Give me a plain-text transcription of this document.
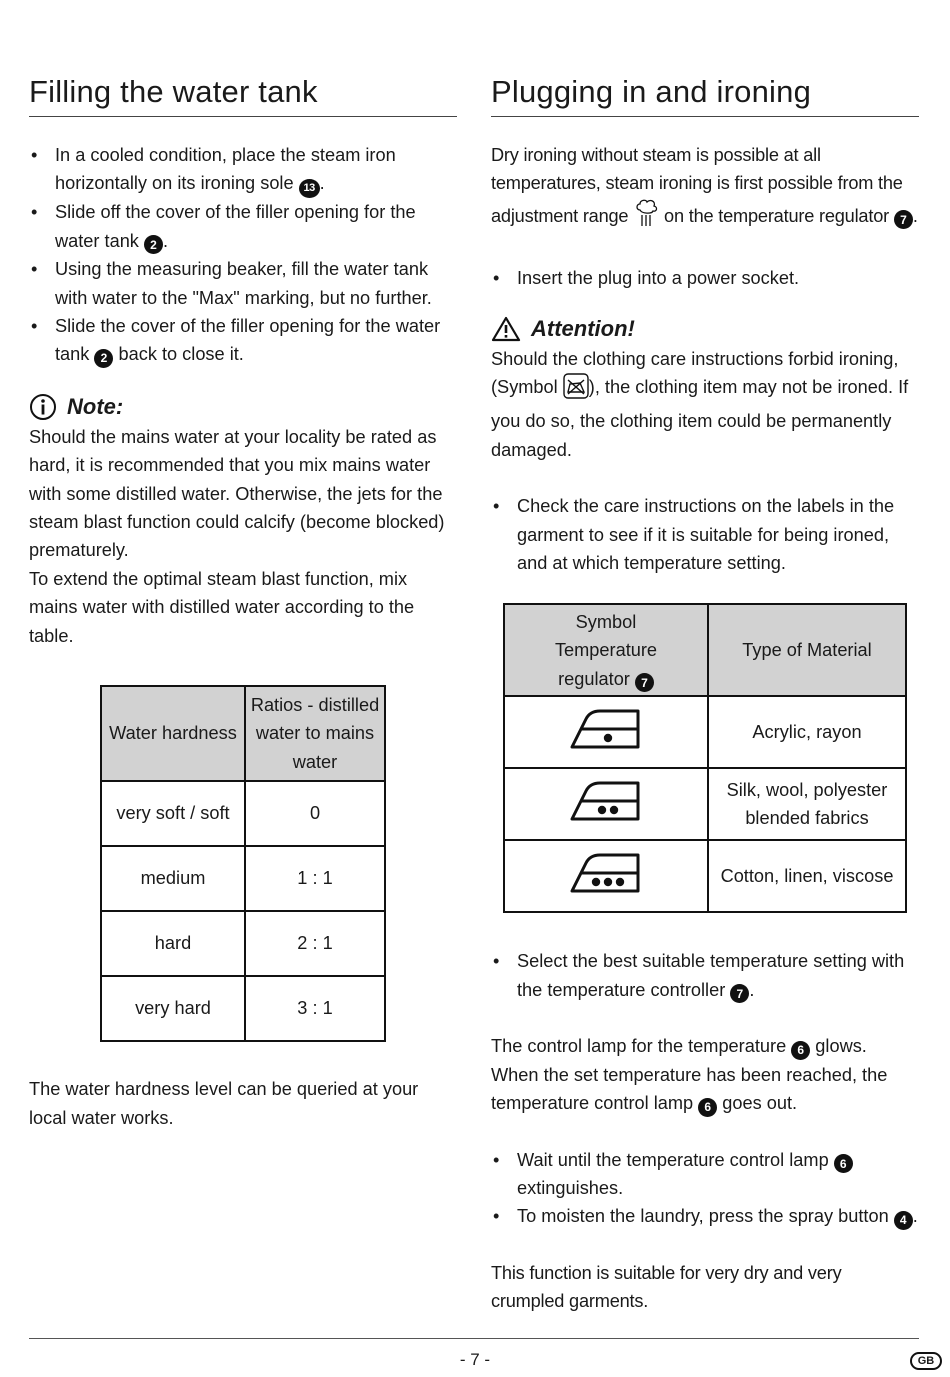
Filling the water tank
• In a cooled condition, place the steam iron horizontally on its ironing sole 13 .
• Slide off the cover of the filler opening for the water tank 2 .
• Using the measuring beaker, fill the water tank with water to the "Max" marking, but no further.
• Slide the cover of the filler opening for the water tank 2 back to close it.
Note:
Should the mains water at your locality be rated as hard, it is recommended that you mix mains water with some distilled water. Otherwise, the jets for the steam blast function could calcify (become blocked) prematurely.
To extend the optimal steam blast function, mix mains water with distilled water according to the table.
Water hardness	Ratios - distilled water to mains water
very soft / soft	0
medium	1 : 1
hard	2 : 1
very hard	3 : 1
The water hardness level can be queried at your local water works.
Plugging in and ironing
Dry ironing without steam is possible at all temperatures, steam ironing is first possible from the adjustment range  on the temperature regulator 7 .
• Insert the plug into a power socket.
Attention!
Should the clothing care instructions forbid ironing, (Symbol ), the clothing item may not be ironed. If you do so, the clothing item could be permanently damaged.
• Check the care instructions on the labels in the garment to see if it is suitable for being ironed, and at which temperature setting.
Symbol
Temperature
regulator 7	Type of Material
	Acrylic, rayon
	Silk, wool, polyester blended fabrics
	Cotton, linen, viscose
• Select the best suitable temperature setting with the temperature controller 7 .
The control lamp for the temperature 6 glows. When the set temperature has been reached, the temperature control lamp 6 goes out.
• Wait until the temperature control lamp 6 extinguishes.
• To moisten the laundry, press the spray button 4 .
This function is suitable for very dry and very crumpled garments.
- 7 -	GB
